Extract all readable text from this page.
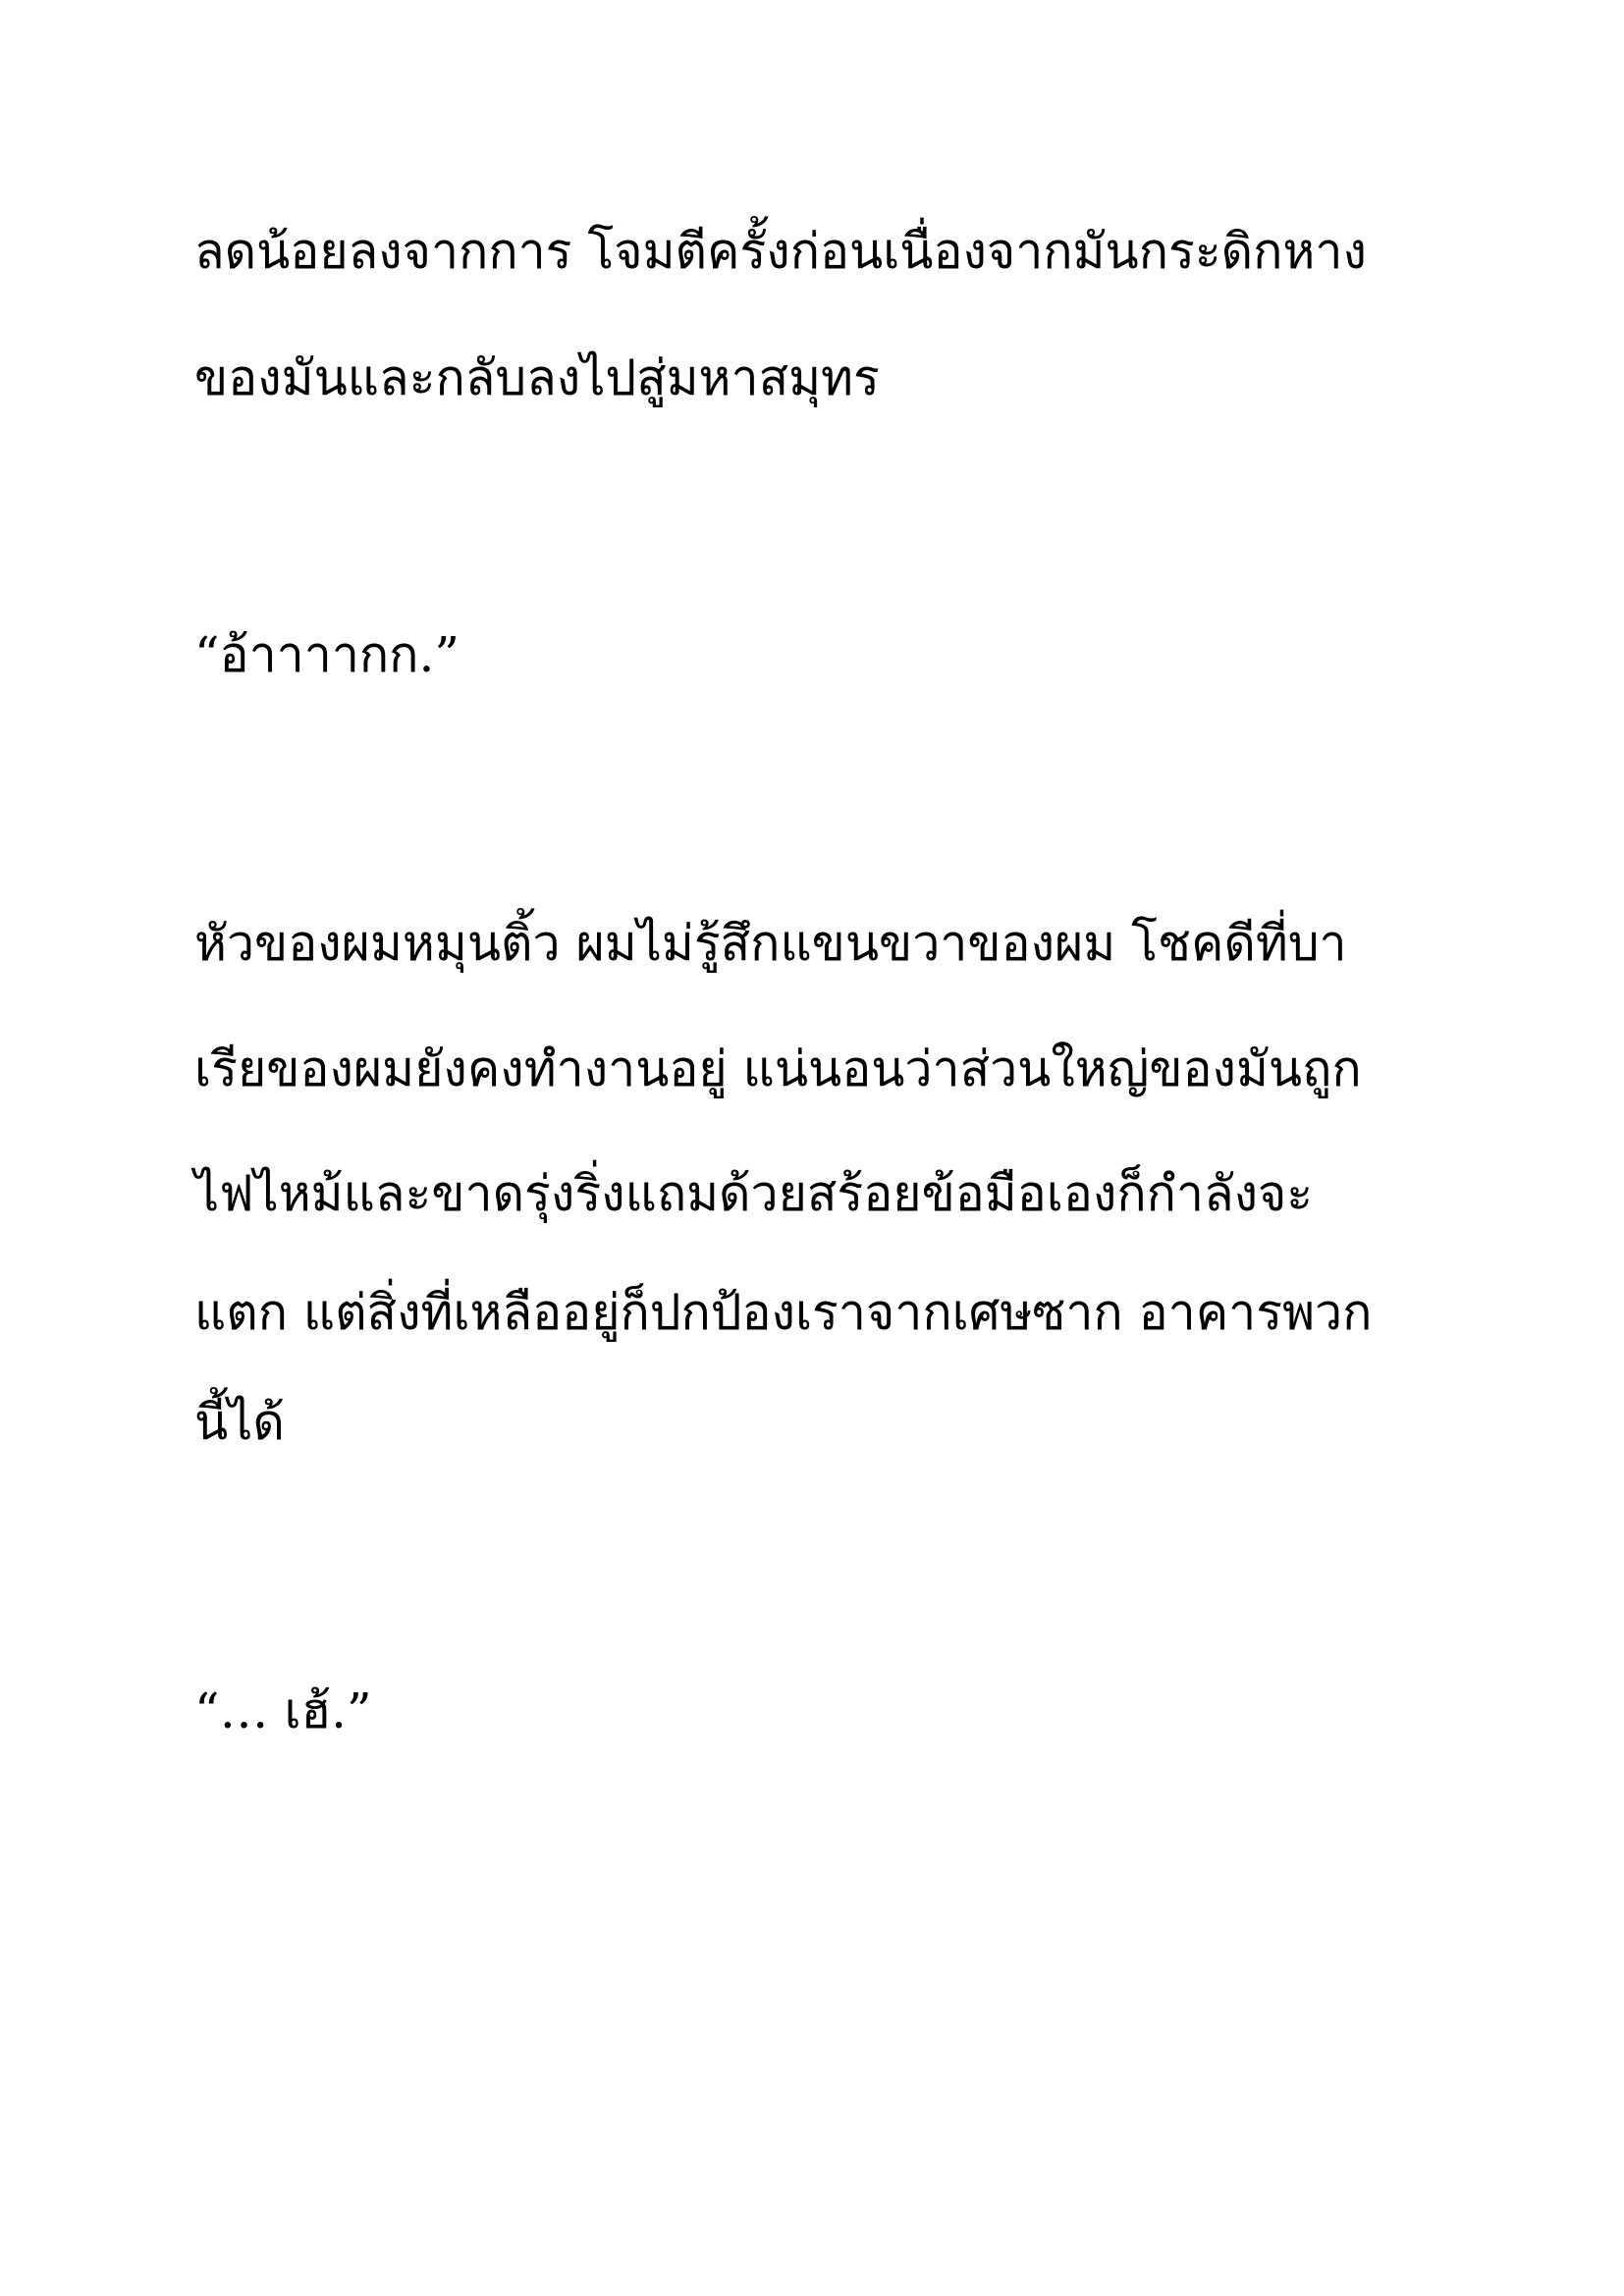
ลดน้อยลงจากการ โจมตีครั้งก่อนเนื่องจากมันกระดิกหาง

ของมันและกลับลงไปสู่มหาสมุทร

“อ้าาาากก.”

หัวของผมหมุนติ้ว ผมไม่รู้สึกแขนขวาของผม โชคดีที่บา

เรียของผมยังคงทำงานอยู่ แน่นอนว่าส่วนใหญ่ของมันถูก

ไฟไหม้และขาดรุ่งริ่งแถมด้วยสร้อยข้อมือเองก็กำลังจะ

แตก แต่สิ่งที่เหลืออยู่ก็ปกป้องเราจากเศษซาก อาคารพวก

นี้ได้

“… เฮ้.”
